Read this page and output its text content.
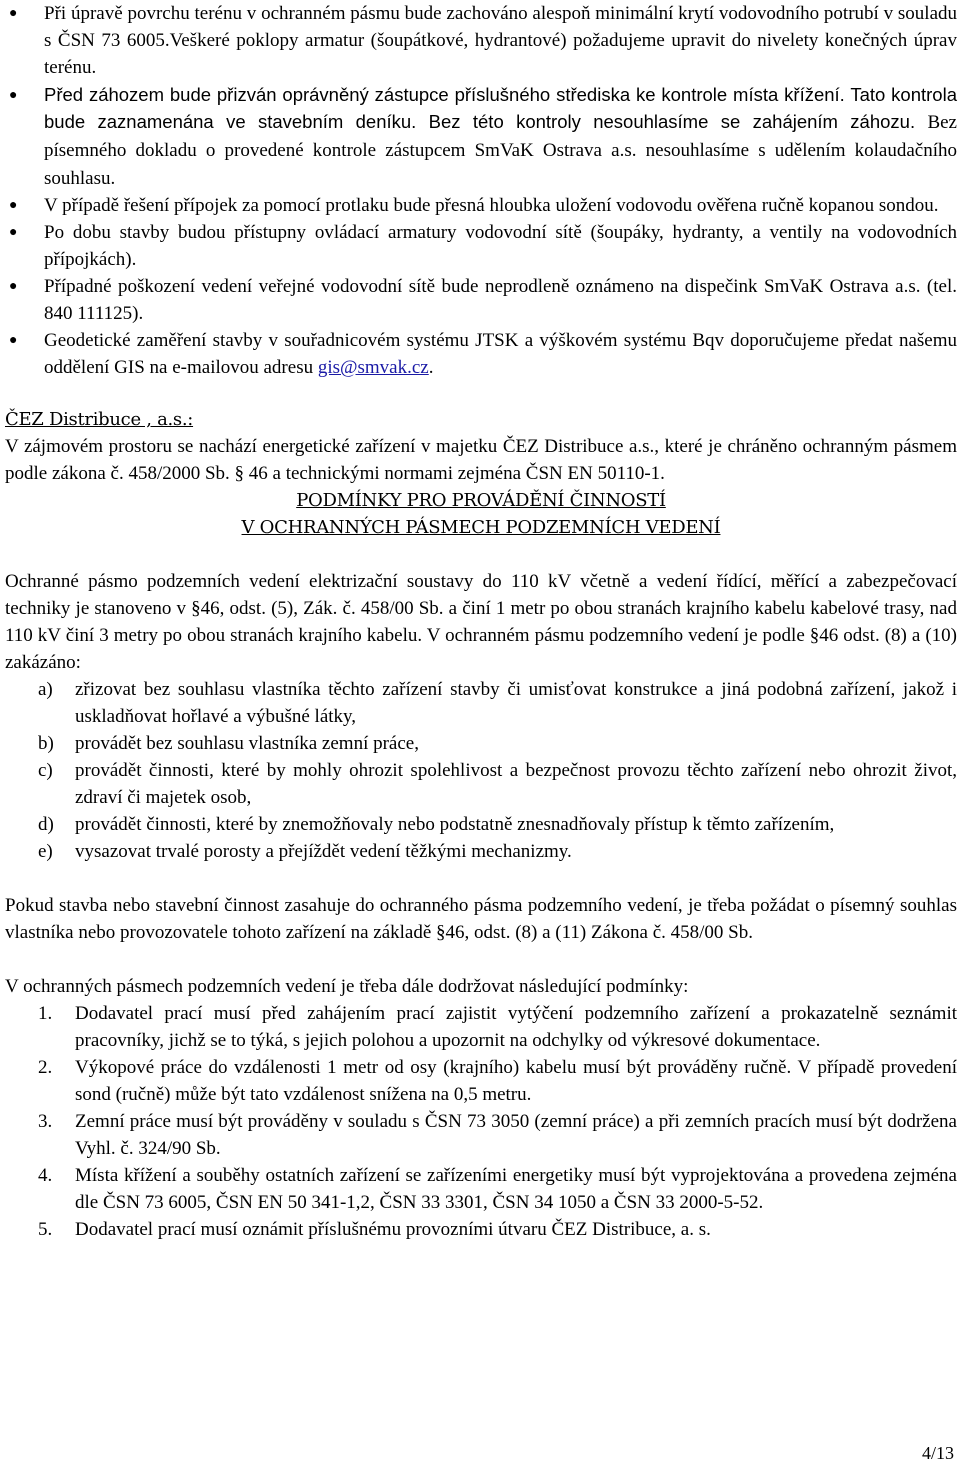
● Při úpravě povrchu terénu v ochranném pásmu bude zachováno alespoň minimální krytí vodovodního potrubí v souladu s ČSN 73 6005.Veškeré poklopy armatur (šoupátkové, hydrantové) požadujeme upravit do nivelety konečných úprav terénu.
● Před záhozem bude přizván oprávněný zástupce příslušného střediska ke kontrole místa křížení. Tato kontrola bude zaznamenána ve stavebním deníku. Bez této kontroly nesouhlasíme se zahájením záhozu. Bez písemného dokladu o provedené kontrole zástupcem SmVaK Ostrava a.s. nesouhlasíme s udělením kolaudačního souhlasu.
● V případě řešení přípojek za pomocí protlaku bude přesná hloubka uložení vodovodu ověřena ručně kopanou sondou.
● Po dobu stavby budou přístupny ovládací armatury vodovodní sítě (šoupáky, hydranty, a ventily na vodovodních přípojkách).
● Případné poškození vedení veřejné vodovodní sítě bude neprodleně oznámeno na dispečink SmVaK Ostrava a.s. (tel. 840 111125).
● Geodetické zaměření stavby v souřadnicovém systému JTSK a výškovém systému Bqv doporučujeme předat našemu oddělení GIS na e-mailovou adresu gis@smvak.cz.
ČEZ Distribuce , a.s.:
V zájmovém prostoru se nachází energetické zařízení v majetku ČEZ Distribuce a.s., které je chráněno ochranným pásmem podle zákona č. 458/2000 Sb. § 46 a technickými normami zejména ČSN EN 50110-1.
PODMÍNKY PRO PROVÁDĚNÍ ČINNOSTÍ
V OCHRANNÝCH PÁSMECH PODZEMNÍCH VEDENÍ
Ochranné pásmo podzemních vedení elektrizační soustavy do 110 kV včetně a vedení řídící, měřící a zabezpečovací techniky je stanoveno v §46, odst. (5), Zák. č. 458/00 Sb. a činí 1 metr po obou stranách krajního kabelu kabelové trasy, nad 110 kV činí 3 metry po obou stranách krajního kabelu. V ochranném pásmu podzemního vedení je podle §46 odst. (8) a (10) zakázáno:
a) zřizovat bez souhlasu vlastníka těchto zařízení stavby či umisťovat konstrukce a jiná podobná zařízení, jakož i uskladňovat hořlavé a výbušné látky,
b) provádět bez souhlasu vlastníka zemní práce,
c) provádět činnosti, které by mohly ohrozit spolehlivost a bezpečnost provozu těchto zařízení nebo ohrozit život, zdraví či majetek osob,
d) provádět činnosti, které by znemožňovaly nebo podstatně znesnadňovaly přístup k těmto zařízením,
e) vysazovat trvalé porosty a přejíždět vedení těžkými mechanizmy.
Pokud stavba nebo stavební činnost zasahuje do ochranného pásma podzemního vedení, je třeba požádat o písemný souhlas vlastníka nebo provozovatele tohoto zařízení na základě §46, odst. (8) a (11) Zákona č. 458/00 Sb.
V ochranných pásmech podzemních vedení je třeba dále dodržovat následující podmínky:
1. Dodavatel prací musí před zahájením prací zajistit vytýčení podzemního zařízení a prokazatelně seznámit pracovníky, jichž se to týká, s jejich polohou a upozornit na odchylky od výkresové dokumentace.
2. Výkopové práce do vzdálenosti 1 metr od osy (krajního) kabelu musí být prováděny ručně. V případě provedení sond (ručně) může být tato vzdálenost snížena na 0,5 metru.
3. Zemní práce musí být prováděny v souladu s ČSN 73 3050 (zemní práce) a při zemních pracích musí být dodržena Vyhl. č. 324/90 Sb.
4. Místa křížení a souběhy ostatních zařízení se zařízeními energetiky musí být vyprojektována a provedena zejména dle ČSN 73 6005, ČSN EN 50 341-1,2, ČSN 33 3301, ČSN 34 1050 a ČSN 33 2000-5-52.
5. Dodavatel prací musí oznámit příslušnému provozními útvaru ČEZ Distribuce, a. s.
4/13
